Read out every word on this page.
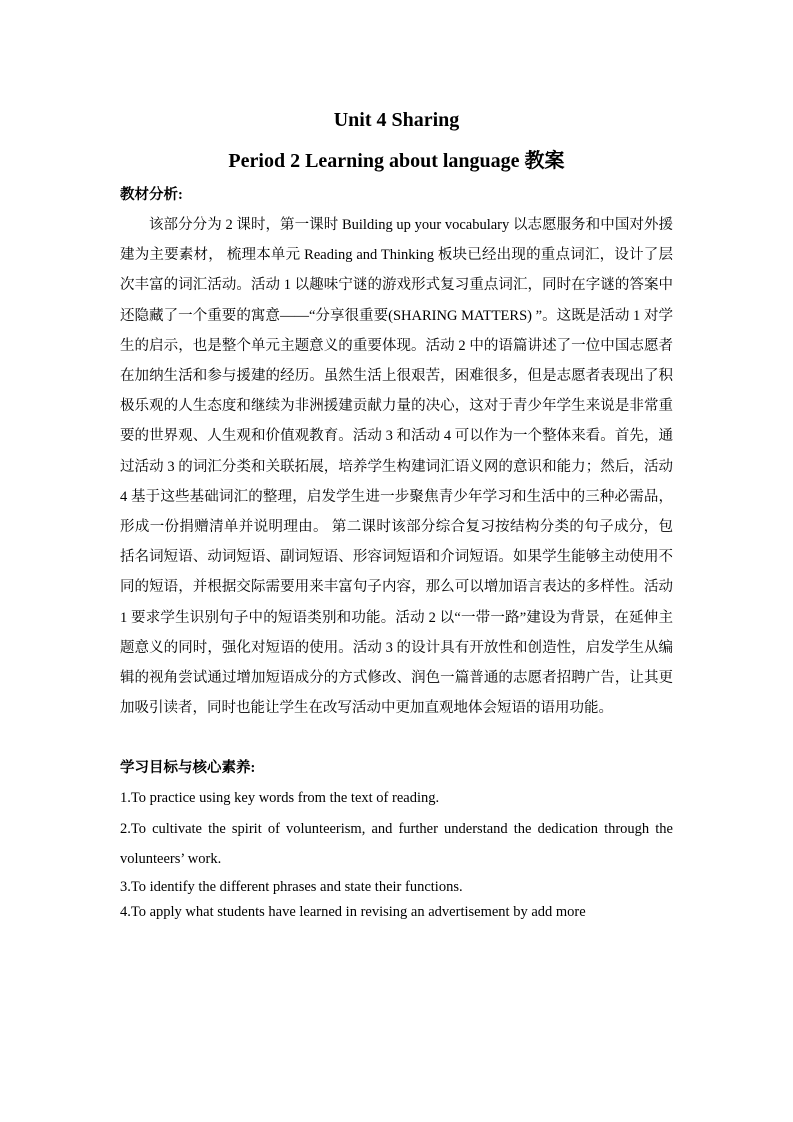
Unit 4 Sharing
Period 2 Learning about language 教案

教材分析:

该部分分为 2 课时，第一课时 Building up your vocabulary 以志愿服务和中国对外援建为主要素材， 梳理本单元 Reading and Thinking 板块已经出现的重点词汇，设计了层次丰富的词汇活动。活动 1 以趣味宁谜的游戏形式复习重点词汇，同时在字谜的答案中还隐藏了一个重要的寓意——“分享很重要(SHARING MATTERS) ”。这既是活动 1 对学生的启示，也是整个单元主题意义的重要体现。活动 2 中的语篇讲述了一位中国志愿者在加纳生活和参与援建的经历。虽然生活上很艰苦，困难很多，但是志愿者表现出了积极乐观的人生态度和继续为非洲援建贡献力量的决心，这对于青少年学生来说是非常重要的世界观、人生观和价值观教育。活动 3 和活动 4 可以作为一个整体来看。首先，通过活动 3 的词汇分类和关联拓展，培养学生构建词汇语义网的意识和能力；然后，活动 4 基于这些基础词汇的整理，启发学生进一步聚焦青少年学习和生活中的三种必需品，形成一份捐赠清单并说明理由。 第二课时该部分综合复习按结构分类的句子成分，包括名词短语、动词短语、副词短语、形容词短语和介词短语。如果学生能够主动使用不同的短语，并根据交际需要用来丰富句子内容，那么可以增加语言表达的多样性。活动 1 要求学生识别句子中的短语类别和功能。活动 2 以“一带一路”建设为背景，在延伸主题意义的同时，强化对短语的使用。活动 3 的设计具有开放性和创造性，启发学生从编辑的视角尝试通过增加短语成分的方式修改、润色一篇普通的志愿者招聘广告，让其更加吸引读者，同时也能让学生在改写活动中更加直观地体会短语的语用功能。

学习目标与核心素养:

1.To practice using key words from the text of reading.

2.To cultivate the spirit of volunteerism, and further understand the dedication through the volunteers’ work.

3.To identify the different phrases and state their functions.

4.To apply what students have learned in revising an advertisement by add more
